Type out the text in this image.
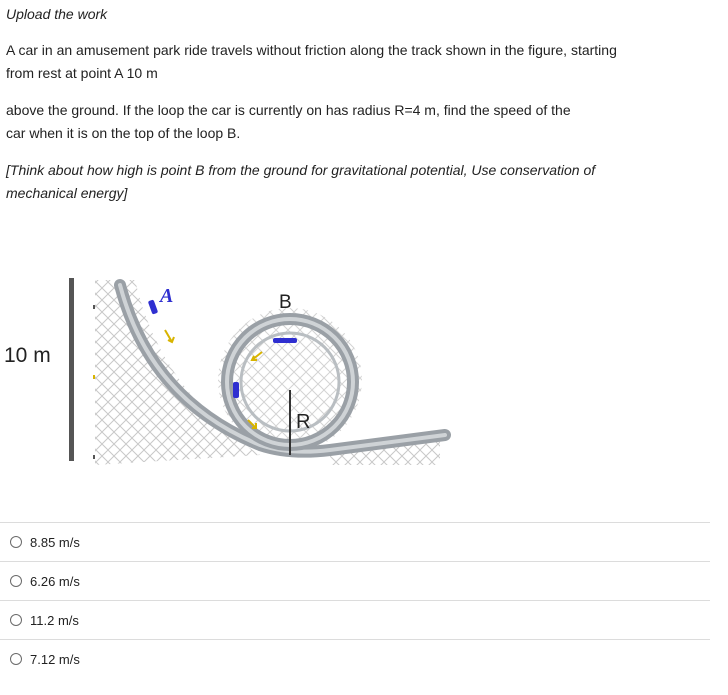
Upload the work
A car in an amusement park ride travels without friction along the track shown in the figure, starting
from rest at point A 10 m
above the ground. If the loop the car is currently on has radius R=4 m, find the speed of the
car when it is on the top of the loop B.
[Think about how high is point B from the ground for gravitational potential, Use conservation of
mechanical energy]
10 m
R
A	B
8.85 m/s
6.26 m/s
11.2 m/s
7.12 m/s
